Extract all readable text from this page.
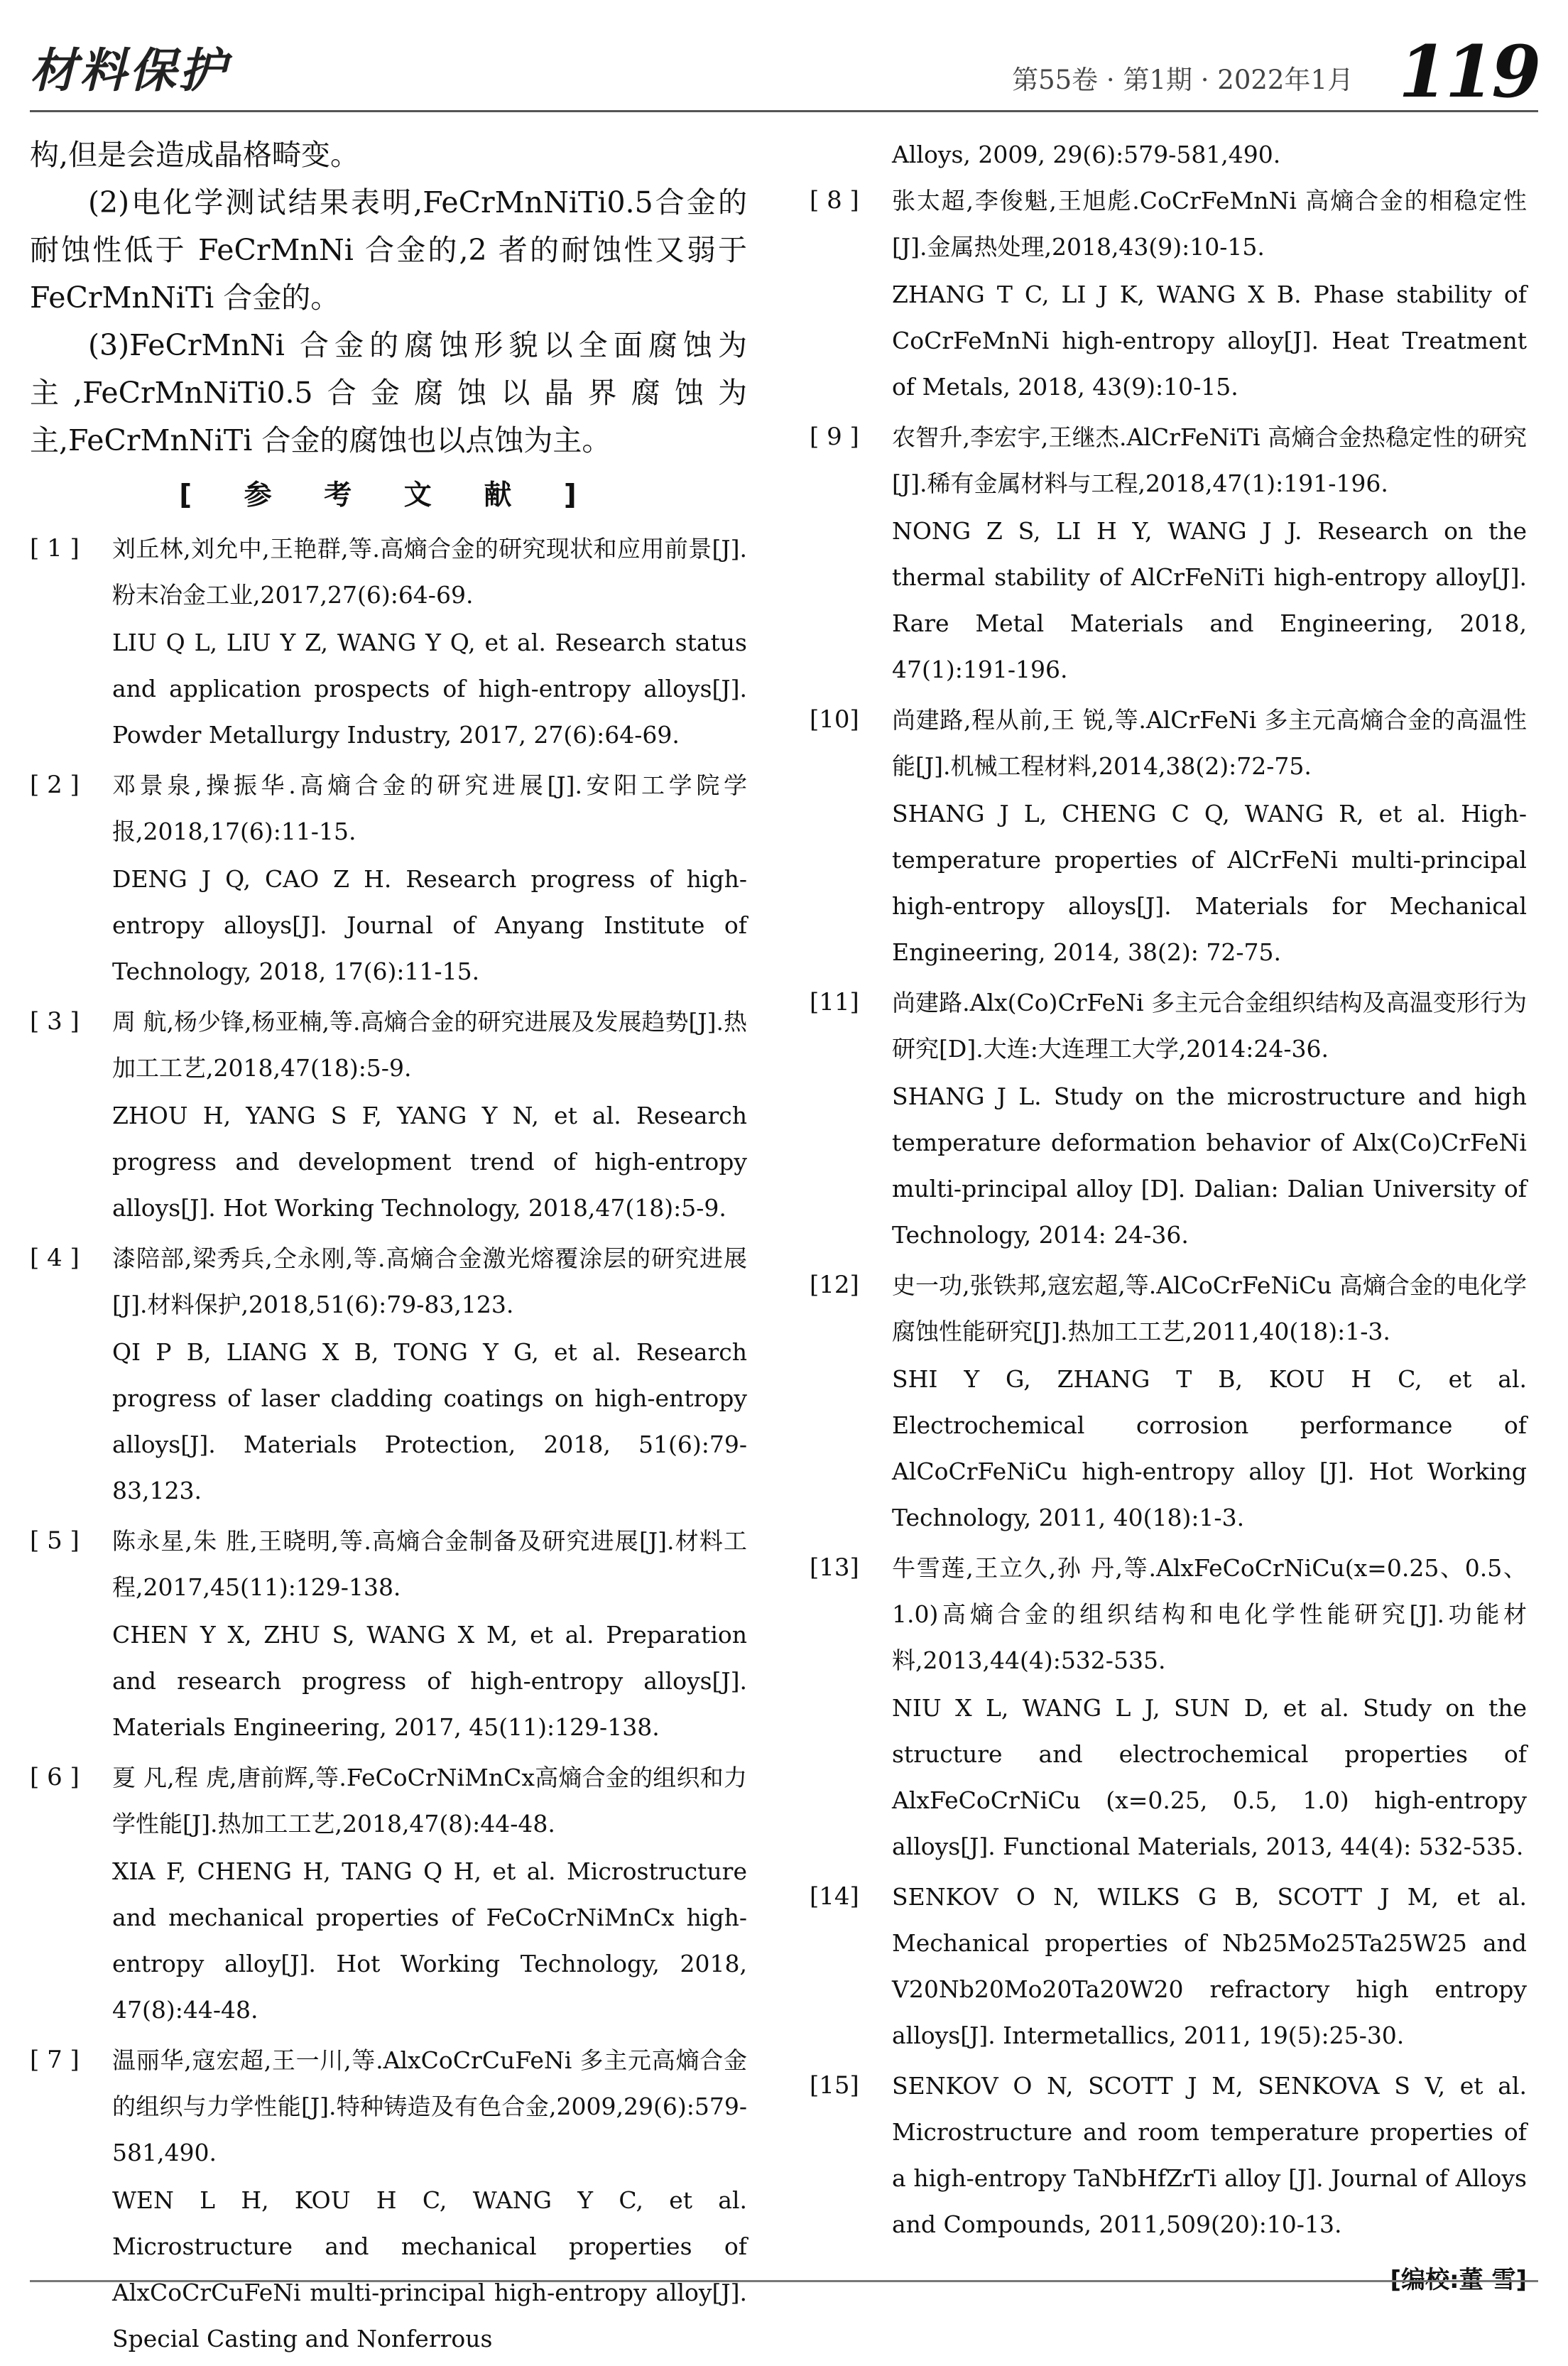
材料保护	第55卷 · 第1期 · 2022年1月 119

构,但是会造成晶格畸变。

(2)电化学测试结果表明,FeCrMnNiTi0.5合金的耐蚀性低于 FeCrMnNi 合金的,2 者的耐蚀性又弱于 FeCrMnNiTi 合金的。

(3)FeCrMnNi 合金的腐蚀形貌以全面腐蚀为主,FeCrMnNiTi0.5合金腐蚀以晶界腐蚀为主,FeCrMnNiTi 合金的腐蚀也以点蚀为主。

[ 参 考 文 献 ]
[ 1 ]	刘丘林,刘允中,王艳群,等.高熵合金的研究现状和应用前景[J].粉末冶金工业,2017,27(6):64-69.

LIU Q L, LIU Y Z, WANG Y Q, et al. Research status and application prospects of high-entropy alloys[J]. Powder Metallurgy Industry, 2017, 27(6):64-69.

[ 2 ]	邓景泉,操振华.高熵合金的研究进展[J].安阳工学院学报,2018,17(6):11-15.

DENG J Q, CAO Z H. Research progress of high-entropy alloys[J]. Journal of Anyang Institute of Technology, 2018, 17(6):11-15.

[ 3 ]	周 航,杨少锋,杨亚楠,等.高熵合金的研究进展及发展趋势[J].热加工工艺,2018,47(18):5-9.

ZHOU H, YANG S F, YANG Y N, et al. Research progress and development trend of high-entropy alloys[J]. Hot Working Technology, 2018,47(18):5-9.

[ 4 ]	漆陪部,梁秀兵,仝永刚,等.高熵合金激光熔覆涂层的研究进展[J].材料保护,2018,51(6):79-83,123.

QI P B, LIANG X B, TONG Y G, et al. Research progress of laser cladding coatings on high-entropy alloys[J]. Materials Protection, 2018, 51(6):79-83,123.

[ 5 ]	陈永星,朱 胜,王晓明,等.高熵合金制备及研究进展[J].材料工程,2017,45(11):129-138.

CHEN Y X, ZHU S, WANG X M, et al. Preparation and research progress of high-entropy alloys[J]. Materials Engineering, 2017, 45(11):129-138.

[ 6 ]	夏 凡,程 虎,唐前辉,等.FeCoCrNiMnCx高熵合金的组织和力学性能[J].热加工工艺,2018,47(8):44-48.

XIA F, CHENG H, TANG Q H, et al. Microstructure and mechanical properties of FeCoCrNiMnCx high-entropy alloy[J]. Hot Working Technology, 2018, 47(8):44-48.

[ 7 ]	温丽华,寇宏超,王一川,等.AlxCoCrCuFeNi 多主元高熵合金的组织与力学性能[J].特种铸造及有色合金,2009,29(6):579-581,490.

WEN L H, KOU H C, WANG Y C, et al. Microstructure and mechanical properties of AlxCoCrCuFeNi multi-principal high-entropy alloy[J]. Special Casting and Nonferrous

Alloys, 2009, 29(6):579-581,490.

[ 8 ]	张太超,李俊魁,王旭彪.CoCrFeMnNi 高熵合金的相稳定性[J].金属热处理,2018,43(9):10-15.

ZHANG T C, LI J K, WANG X B. Phase stability of CoCrFeMnNi high-entropy alloy[J]. Heat Treatment of Metals, 2018, 43(9):10-15.

[ 9 ]	农智升,李宏宇,王继杰.AlCrFeNiTi 高熵合金热稳定性的研究[J].稀有金属材料与工程,2018,47(1):191-196.

NONG Z S, LI H Y, WANG J J. Research on the thermal stability of AlCrFeNiTi high-entropy alloy[J]. Rare Metal Materials and Engineering, 2018, 47(1):191-196.

[10]	尚建路,程从前,王 锐,等.AlCrFeNi 多主元高熵合金的高温性能[J].机械工程材料,2014,38(2):72-75.

SHANG J L, CHENG C Q, WANG R, et al. High-temperature properties of AlCrFeNi multi-principal high-entropy alloys[J]. Materials for Mechanical Engineering, 2014, 38(2): 72-75.

[11]	尚建路.Alx(Co)CrFeNi 多主元合金组织结构及高温变形行为研究[D].大连:大连理工大学,2014:24-36.

SHANG J L. Study on the microstructure and high temperature deformation behavior of Alx(Co)CrFeNi multi-principal alloy [D]. Dalian: Dalian University of Technology, 2014: 24-36.

[12]	史一功,张铁邦,寇宏超,等.AlCoCrFeNiCu 高熵合金的电化学腐蚀性能研究[J].热加工工艺,2011,40(18):1-3.

SHI Y G, ZHANG T B, KOU H C, et al. Electrochemical corrosion performance of AlCoCrFeNiCu high-entropy alloy [J]. Hot Working Technology, 2011, 40(18):1-3.

[13]	牛雪莲,王立久,孙 丹,等.AlxFeCoCrNiCu(x=0.25、0.5、1.0)高熵合金的组织结构和电化学性能研究[J].功能材料,2013,44(4):532-535.

NIU X L, WANG L J, SUN D, et al. Study on the structure and electrochemical properties of AlxFeCoCrNiCu (x=0.25, 0.5, 1.0) high-entropy alloys[J]. Functional Materials, 2013, 44(4): 532-535.

[14]	SENKOV O N, WILKS G B, SCOTT J M, et al. Mechanical properties of Nb25Mo25Ta25W25 and V20Nb20Mo20Ta20W20 refractory high entropy alloys[J]. Intermetallics, 2011, 19(5):25-30.

[15]	SENKOV O N, SCOTT J M, SENKOVA S V, et al. Microstructure and room temperature properties of a high-entropy TaNbHfZrTi alloy [J]. Journal of Alloys and Compounds, 2011,509(20):10-13.

[编校:董 雪]
